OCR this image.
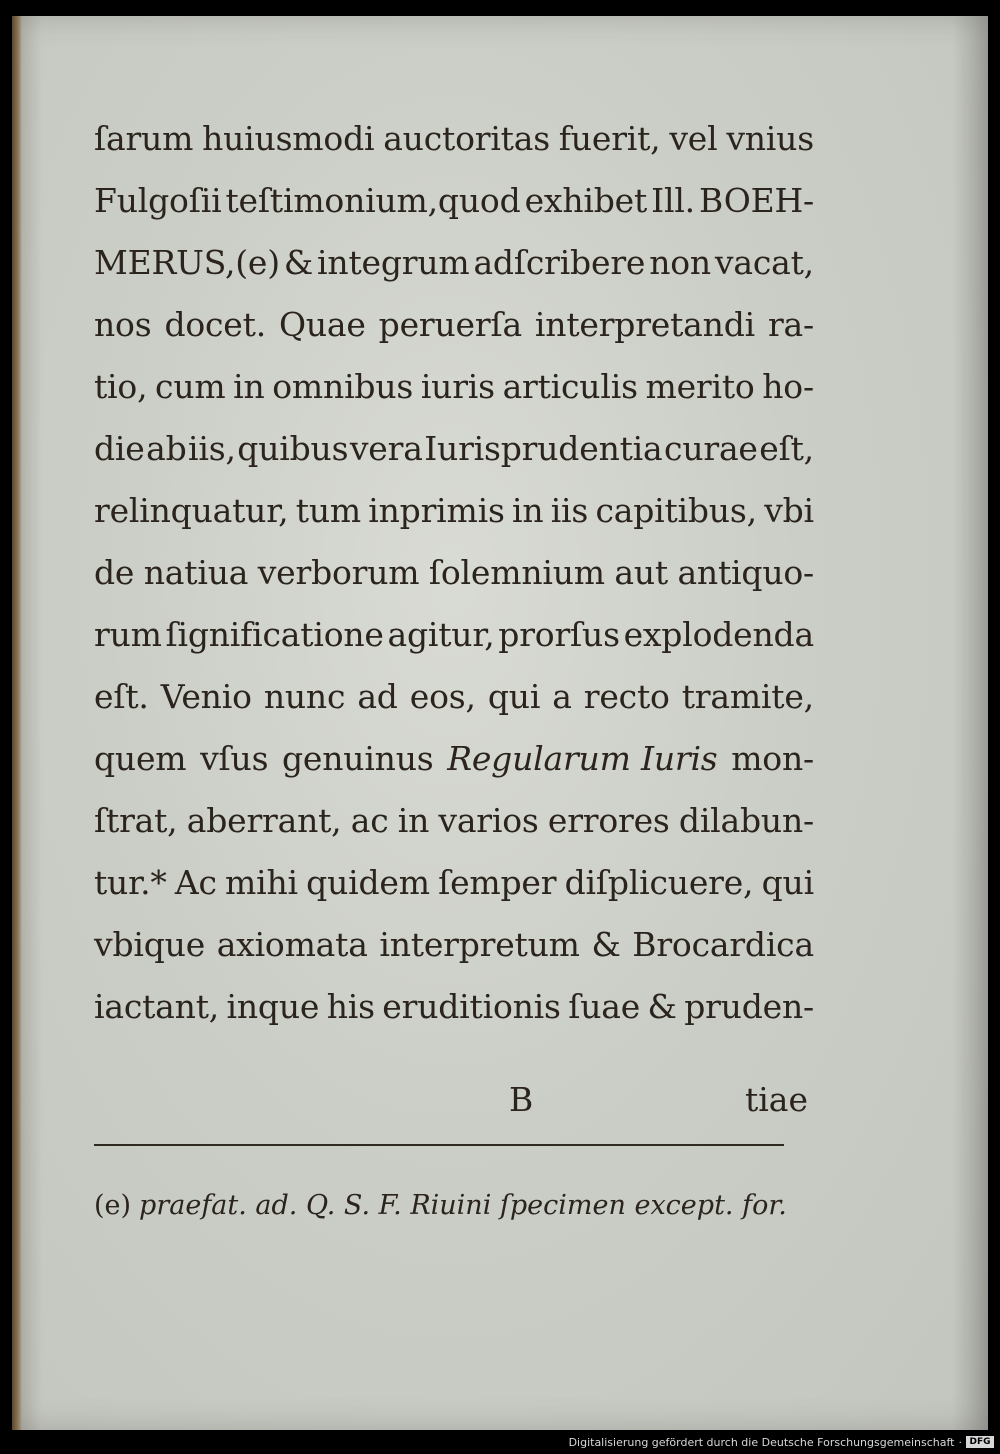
ſarum huiusmodi auctoritas fuerit, vel vnius
Fulgoſii teſtimonium,quod exhibet Ill. BOEH-
MERUS,(e) & integrum adſcribere non vacat,
nos docet. Quae peruerſa interpretandi ra-
tio, cum in omnibus iuris articulis merito ho-
die ab iis, quibus vera Iurisprudentia curae eſt,
relinquatur, tum inprimis in iis capitibus, vbi
de natiua verborum ſolemnium aut antiquo-
rum ſignificatione agitur, prorſus explodenda
eſt. Venio nunc ad eos, qui a recto tramite,
quem vſus genuinus Regularum Iuris mon-
ſtrat, aberrant, ac in varios errores dilabun-
tur.* Ac mihi quidem ſemper diſplicuere, qui
vbique axiomata interpretum & Brocardica
iactant, inque his eruditionis ſuae & pruden-
B	tiae
(e) praefat. ad. Q. S. F. Riuini ſpecimen except. for.
Digitalisierung gefördert durch die Deutsche Forschungsgemeinschaft · DFG
